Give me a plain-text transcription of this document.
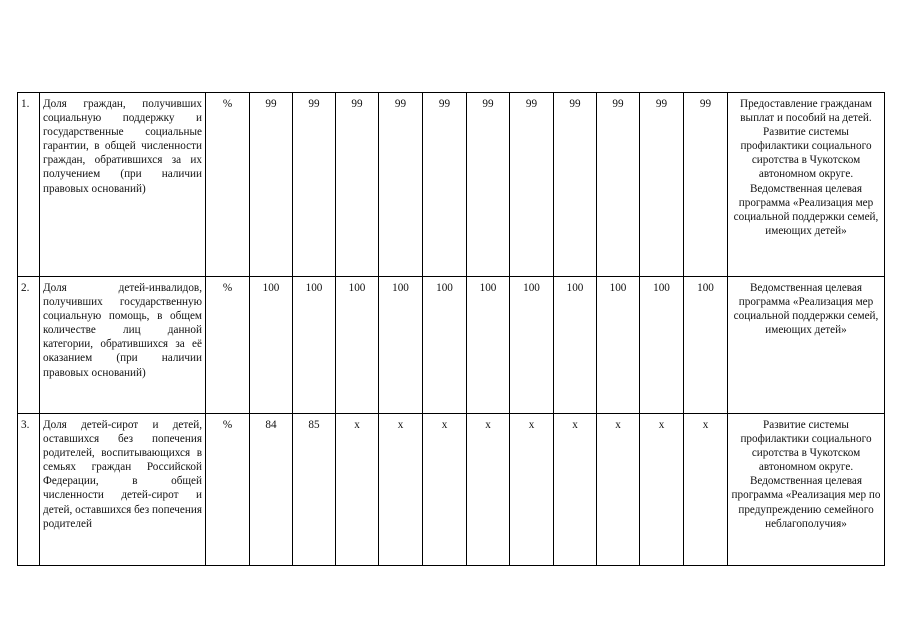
1.	Доля граждан, получивших социальную поддержку и государственные социальные гарантии, в общей численности граждан, обратившихся за их получением (при наличии правовых оснований)	%	99	99	99	99	99	99	99	99	99	99	99	Предоставление гражданам выплат и пособий на детей. Развитие системы профилактики социального сиротства в Чукотском автономном округе. Ведомственная целевая программа «Реализация мер социальной поддержки семей, имеющих детей»
2.	Доля детей-инвалидов, получивших государственную социальную помощь, в общем количестве лиц данной категории, обратившихся за её оказанием (при наличии правовых оснований)	%	100	100	100	100	100	100	100	100	100	100	100	Ведомственная целевая программа «Реализация мер социальной поддержки семей, имеющих детей»
3.	Доля детей-сирот и детей, оставшихся без попечения родителей, воспитывающихся в семьях граждан Российской Федерации, в общей численности детей-сирот и детей, оставшихся без попечения родителей	%	84	85	x	x	x	x	x	x	x	x	x	Развитие системы профилактики социального сиротства в Чукотском автономном округе. Ведомственная целевая программа «Реализация мер по предупреждению семейного неблагополучия»
